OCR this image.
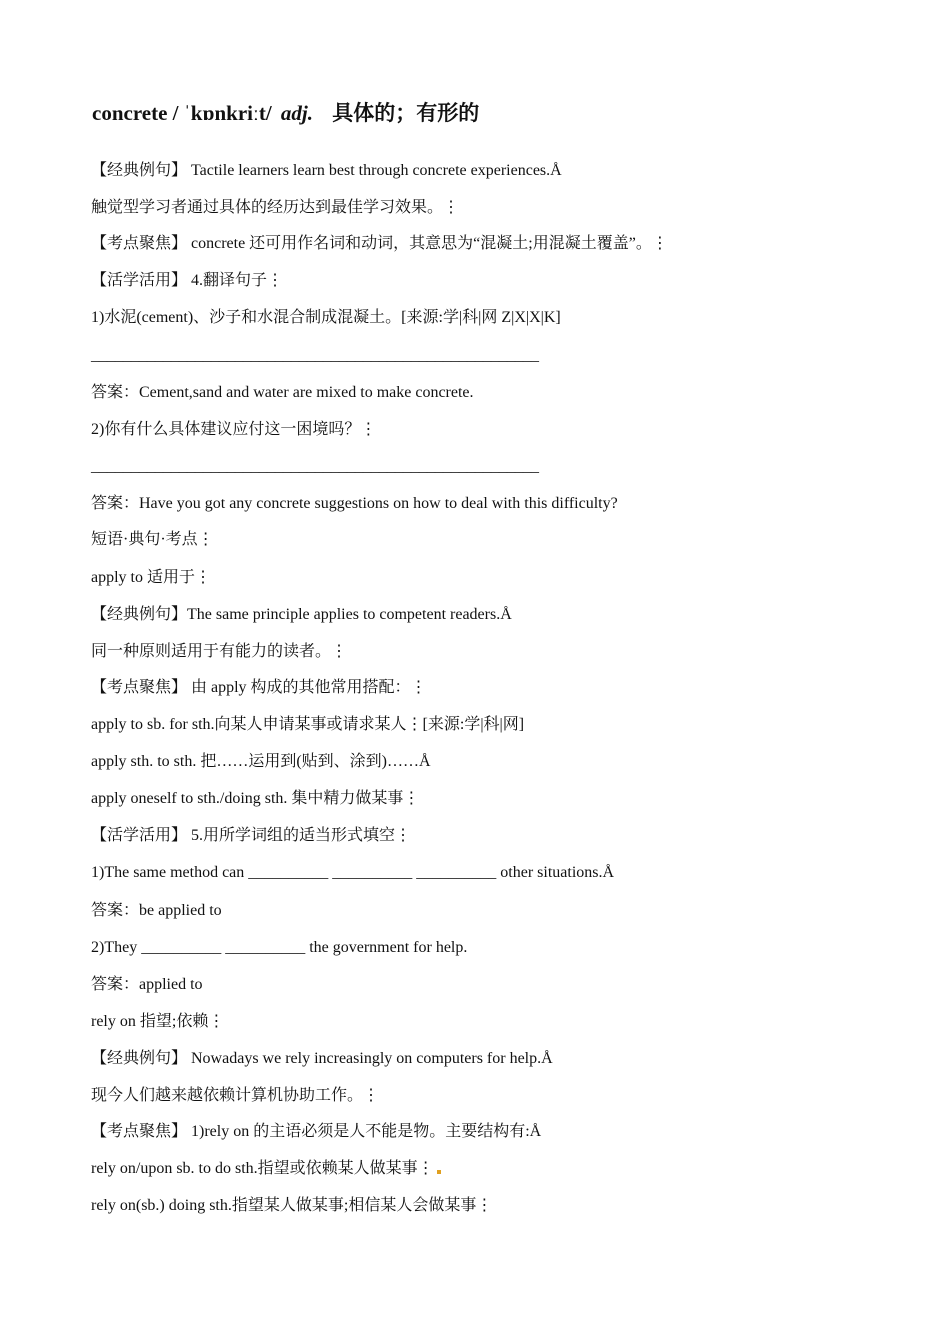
concrete / ˈkɒnkriːt/ adj. 具体的；有形的
【经典例句】 Tactile learners learn best through concrete experiences.Å
触觉型学习者通过具体的经历达到最佳学习效果。⋮
【考点聚焦】 concrete 还可用作名词和动词，其意思为“混凝土;用混凝土覆盖”。⋮
【活学活用】 4.翻译句子⋮
1)水泥(cement)、沙子和水混合制成混凝土。[来源:学|科|网 Z|X|X|K]
________________________________________________________
答案：Cement,sand and water are mixed to make concrete.
2)你有什么具体建议应付这一困境吗？⋮
________________________________________________________
答案：Have you got any concrete suggestions on how to deal with this difficulty?
短语·典句·考点⋮
apply to 适用于⋮
【经典例句】The same principle applies to competent readers.Å
同一种原则适用于有能力的读者。⋮
【考点聚焦】 由 apply 构成的其他常用搭配：⋮
apply to sb. for sth.向某人申请某事或请求某人⋮[来源:学|科|网]
apply sth. to sth. 把……运用到(贴到、涂到)……Å
apply oneself to sth./doing sth. 集中精力做某事⋮
【活学活用】 5.用所学词组的适当形式填空⋮
1)The same method can __________ __________ __________ other situations.Å
答案：be applied to
2)They __________ __________ the government for help.
答案：applied to
rely on 指望;依赖⋮
【经典例句】 Nowadays we rely increasingly on computers for help.Å
现今人们越来越依赖计算机协助工作。⋮
【考点聚焦】 1)rely on 的主语必须是人不能是物。主要结构有:Å
rely on/upon sb. to do sth.指望或依赖某人做某事⋮
rely on(sb.) doing sth.指望某人做某事;相信某人会做某事⋮
